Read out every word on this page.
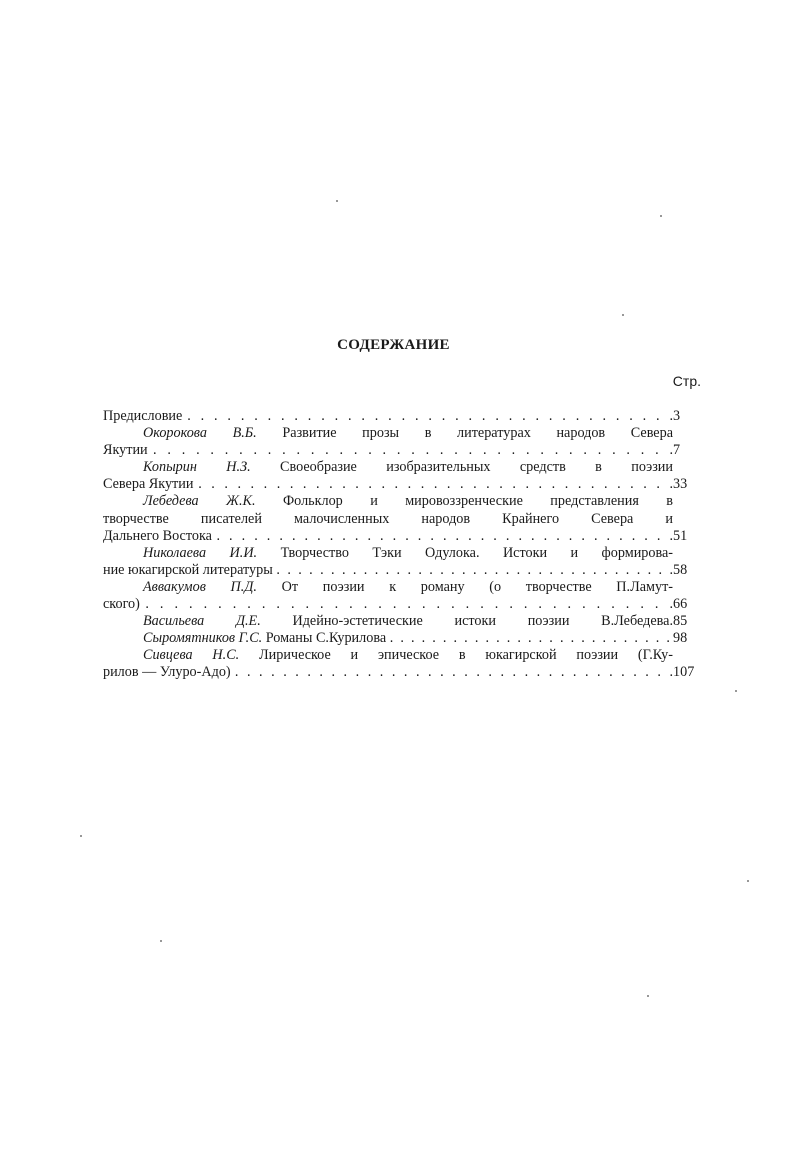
СОДЕРЖАНИЕ
Стр.
Предисловие . .	3
Окорокова В.Б. Развитие прозы в литературах народов Севера
Якутии . .	7
Копырин Н.З. Своеобразие изобразительных средств в поэзии
Севера Якутии . .	33
Лебедева Ж.К. Фольклор и мировоззренческие представления в
творчестве писателей малочисленных народов Крайнего Севера и
Дальнего Востока . .	51
Николаева И.И. Творчество Тэки Одулока. Истоки и формирова-
ние юкагирской литературы . .	58
Аввакумов П.Д. От поэзии к роману (о творчестве П.Ламут-
ского) . .	66
Васильева Д.Е. Идейно-эстетические истоки поэзии В.Лебедева. 85
Сыромятников Г.С.
Романы С.Курилова . .	98
Сивцева Н.С. Лирическое и эпическое в юкагирской поэзии (Г.Ку-
рилов — Улуро-Адо) . .	107
